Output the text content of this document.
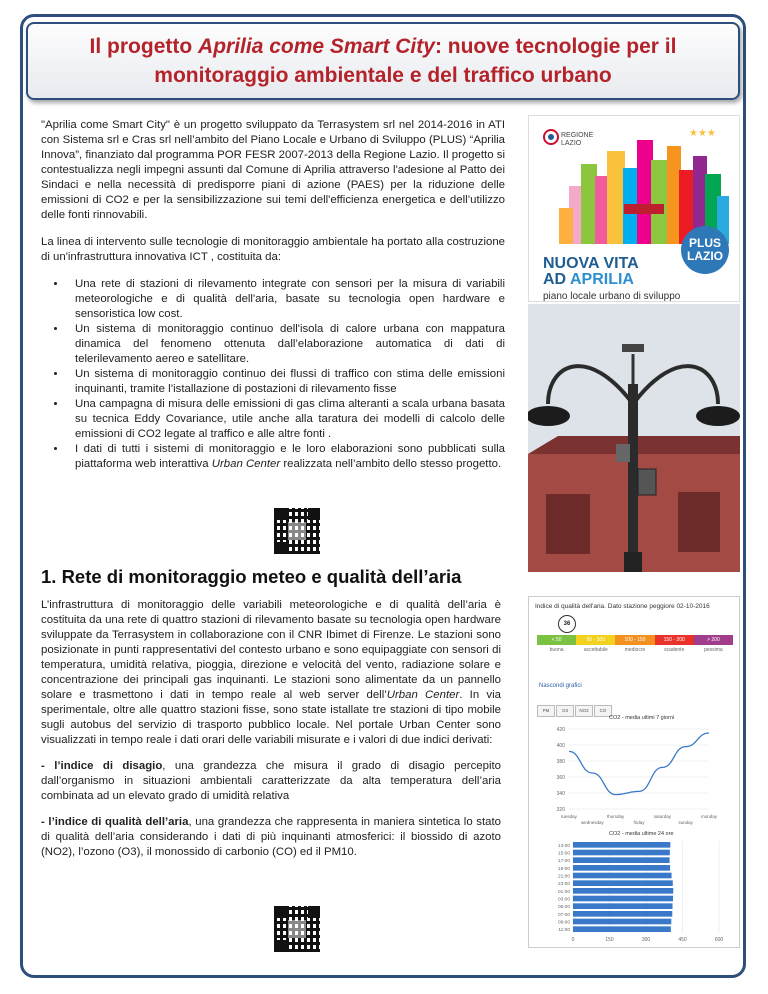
Il progetto Aprilia come Smart City: nuove tecnologie per il monitoraggio ambientale e del traffico urbano

"Aprilia come Smart City" è un progetto sviluppato da Terrasystem srl nel 2014-2016 in ATI con Sistema srl e Cras srl nell’ambito del Piano Locale e Urbano di Sviluppo (PLUS) “Aprilia Innova”, finanziato dal programma POR FESR 2007-2013 della Regione Lazio. Il progetto si contestualizza negli impegni assunti dal Comune di Aprilia attraverso l'adesione al Patto dei Sindaci e nella necessità di predisporre piani di azione (PAES) per la riduzione delle emissioni di CO2 e per la sensibilizzazione sui temi dell'efficienza energetica e dell’utilizzo delle fonti rinnovabili.

La linea di intervento sulle tecnologie di monitoraggio ambientale ha portato alla costruzione di un'infrastruttura innovativa ICT , costituita da:

• Una rete di stazioni di rilevamento integrate con sensori per la misura di variabili meteorologiche e di qualità dell'aria, basate su tecnologia open hardware e sensoristica low cost.
• Un sistema di monitoraggio continuo dell'isola di calore urbana con mappatura dinamica del fenomeno ottenuta dall’elaborazione automatica di dati di telerilevamento aereo e satellitare.
• Un sistema di monitoraggio continuo dei flussi di traffico con stima delle emissioni inquinanti, tramite l’istallazione di postazioni di rilevamento fisse
• Una campagna di misura delle emissioni di gas clima alteranti a scala urbana basata su tecnica Eddy Covariance, utile anche alla taratura dei modelli di calcolo delle emissioni di CO2 legate al traffico e alle altre fonti .
• I dati di tutti i sistemi di monitoraggio e le loro elaborazioni sono pubblicati sulla piattaforma web interattiva Urban Center realizzata nell’ambito dello stesso progetto.
★★★
REGIONE
LAZIO
PLUS
LAZIO
NUOVA VITA
AD APRILIA
piano locale urbano di sviluppo
1. Rete di monitoraggio meteo e qualità dell’aria

L’infrastruttura di monitoraggio delle variabili meteorologiche e di qualità dell’aria è costituita da una rete di quattro stazioni di rilevamento basate su tecnologia open hardware sviluppate da Terrasystem in collaborazione con il CNR Ibimet di Firenze. Le stazioni sono posizionate in punti rappresentativi del contesto urbano e sono equipaggiate con sensori di temperatura, umidità relativa, pioggia, direzione e velocità del vento, radiazione solare e concentrazione dei principali gas inquinanti. Le stazioni sono alimentate da un pannello solare e trasmettono i dati in tempo reale al web server dell’Urban Center. In via sperimentale, oltre alle quattro stazioni fisse, sono state istallate tre stazioni di tipo mobile sugli autobus del servizio di trasporto pubblico locale. Nel portale Urban Center sono visualizzati in tempo reale i dati orari delle variabili misurate e i valori di due indici derivati:

- l’indice di disagio, una grandezza che misura il grado di disagio percepito dall’organismo in situazioni ambientali caratterizzate da alta temperatura dell’aria combinata ad un elevato grado di umidità relativa

- l’indice di qualità dell’aria, una grandezza che rappresenta in maniera sintetica lo stato di qualità dell’aria considerando i dati di più inquinanti atmosferici: il biossido di azoto (NO2), l’ozono (O3), il monossido di carbonio (CO) ed il PM10.

Indice di qualità dell'aria. Dato stazione peggiore 02-10-2016
36
< 50	50 - 100	100 - 150	150 - 200	> 200
buona	accettabile	mediocre	scadente	pessima
Nascondi grafici
PM	O3	NO2	CO
CO2 - media ultimi 7 giorni
420
400
380
360
340
320
tuesday
wednesday
thursday
friday
saturday
sunday
monday
CO2 - media ultime 24 ore
0	150	300	450	600
13:00
15:00
17:00
19:00
21:00
23:00
01:00
03:00
05:00
07:00
09:00
11:00
